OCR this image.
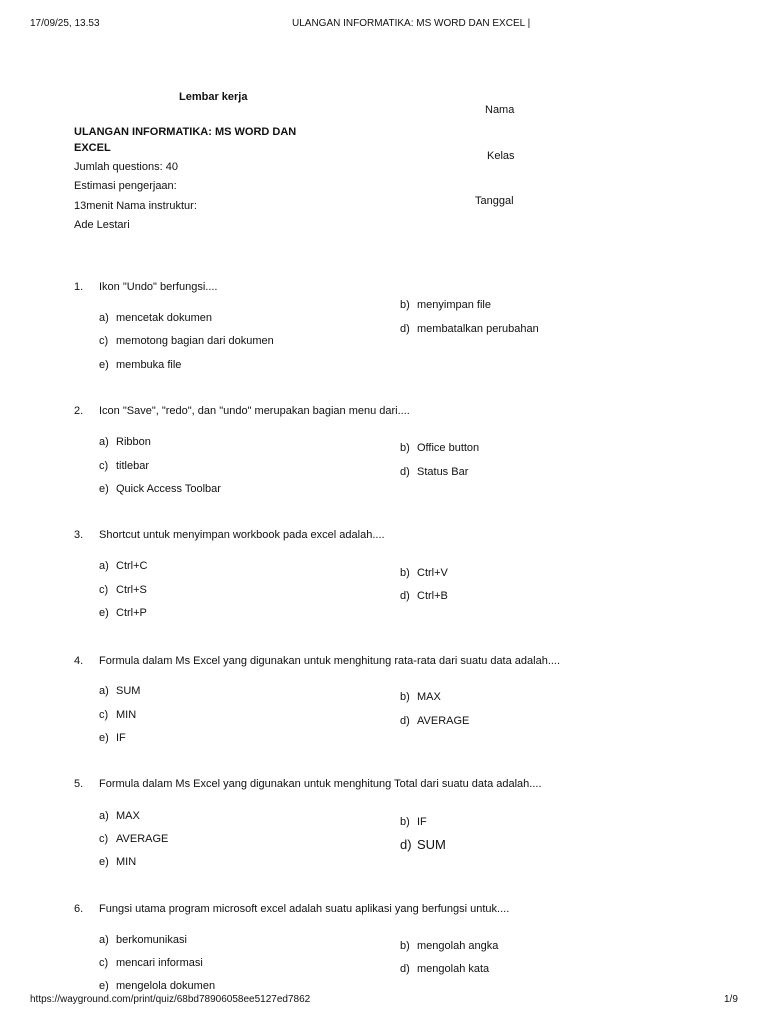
17/09/25, 13.53	ULANGAN INFORMATIKA: MS WORD DAN EXCEL |
Lembar kerja
ULANGAN INFORMATIKA: MS WORD DAN
EXCEL
Jumlah questions: 40
Estimasi pengerjaan:
13menit Nama instruktur:
Ade Lestari
Nama
Kelas
Tanggal
1. Ikon "Undo" berfungsi....
a) mencetak dokumen
b) menyimpan file
c) memotong bagian dari dokumen
d) membatalkan perubahan
e) membuka file
2. Icon "Save", "redo", dan "undo" merupakan bagian menu dari....
a) Ribbon	b) Office button
c) titlebar	d) Status Bar
e) Quick Access Toolbar
3. Shortcut untuk menyimpan workbook pada excel adalah....
a) Ctrl+C
b) Ctrl+V
c) Ctrl+S	d) Ctrl+B
e) Ctrl+P
4. Formula dalam Ms Excel yang digunakan untuk menghitung rata-rata dari suatu data adalah....
a) SUM	b) MAX
c) MIN	d) AVERAGE
e) IF
5. Formula dalam Ms Excel yang digunakan untuk menghitung Total dari suatu data adalah....
a) MAX	b) IF
c) AVERAGE	d) SUM
e) MIN
6. Fungsi utama program microsoft excel adalah suatu aplikasi yang berfungsi untuk....
a) berkomunikasi	b) mengolah angka
c) mencari informasi	d) mengolah kata
e) mengelola dokumen
https://wayground.com/print/quiz/68bd78906058ee5127ed7862	1/9
